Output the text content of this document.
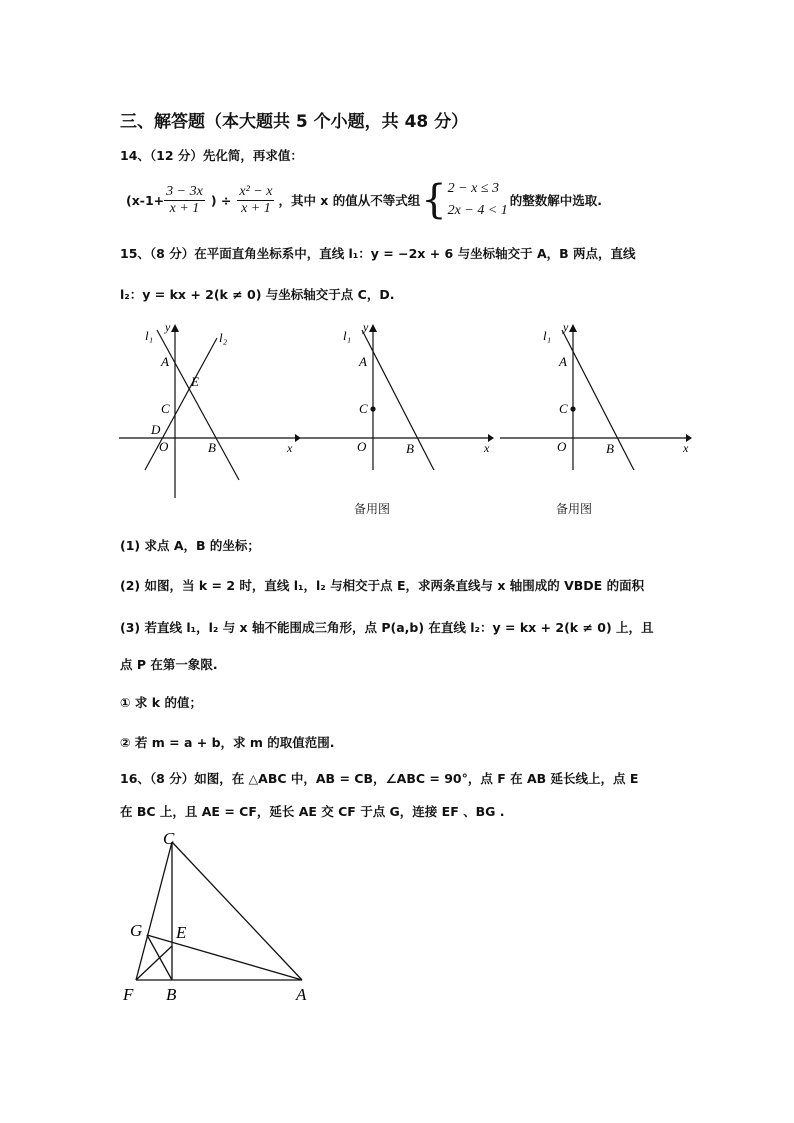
三、解答题（本大题共 5 个小题，共 48 分）
14、（12 分）先化简，再求值：
($x-1+ \frac{3 - 3x}{x + 1}$ ) ÷ $\frac{\text{x² − x}}{x + 1}$ ，其中 x 的值从不等式组 { 2 − x ≤ 3
2x − 4 < 1
的整数解中选取.
15、（8 分）在平面直角坐标系中，直线 l₁：y = −2x + 6 与坐标轴交于 A，B 两点，直线
l₂：y = kx + 2(k ≠ 0) 与坐标轴交于点 C，D.
l₁	l₂
y
x
A
E
C
D
O	B
l₁
y
x
A
C
O	B
备用图
l₁
y
x
A
C
O	B
备用图
(1) 求点 A，B 的坐标；
(2) 如图，当 k = 2 时，直线 l₁，l₂ 与相交于点 E，求两条直线与 x 轴围成的 VBDE 的面积
(3) 若直线 l₁，l₂ 与 x 轴不能围成三角形，点 P(a,b) 在直线 l₂：y = kx + 2(k ≠ 0) 上，且
点 P 在第一象限.
① 求 k 的值；
② 若 m = a + b，求 m 的取值范围.
16、（8 分）如图，在 △ABC 中，AB = CB，∠ABC = 90°，点 F 在 AB 延长线上，点 E
在 BC 上，且 AE = CF，延长 AE 交 CF 于点 G，连接 EF 、BG .
C
G E
F B	A
